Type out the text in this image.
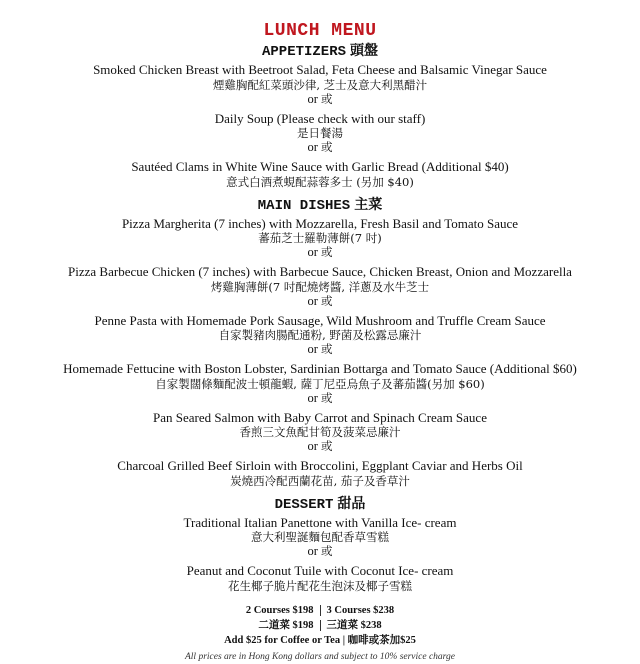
LUNCH MENU
APPETIZERS 頭盤
Smoked Chicken Breast with Beetroot Salad, Feta Cheese and Balsamic Vinegar Sauce
煙雞胸配紅菜頭沙律, 芝士及意大利黑醋汁
or 或
Daily Soup (Please check with our staff)
是日餐湯
or 或
Sautéed Clams in White Wine Sauce with Garlic Bread (Additional $40)
意式白酒煮蜆配蒜蓉多士 (另加 $40)
MAIN DISHES 主菜
Pizza Margherita (7 inches) with Mozzarella, Fresh Basil and Tomato Sauce
蕃茄芝士羅勒薄餅(7 吋)
or 或
Pizza Barbecue Chicken (7 inches) with Barbecue Sauce, Chicken Breast, Onion and Mozzarella
烤雞胸薄餅(7 吋配燒烤醬, 洋蔥及水牛芝士
or 或
Penne Pasta with Homemade Pork Sausage, Wild Mushroom and Truffle Cream Sauce
自家製豬肉腸配通粉, 野菌及松露忌廉汁
or 或
Homemade Fettucine with Boston Lobster, Sardinian Bottarga and Tomato Sauce (Additional $60)
自家製闊條麵配波士頓龍蝦, 薩丁尼亞烏魚子及蕃茄醬(另加 $60)
or 或
Pan Seared Salmon with Baby Carrot and Spinach Cream Sauce
香煎三文魚配甘筍及菠菜忌廉汁
or 或
Charcoal Grilled Beef Sirloin with Broccolini, Eggplant Caviar and Herbs Oil
炭燒西冷配西蘭花苗, 茄子及香草汁
DESSERT 甜品
Traditional Italian Panettone with Vanilla Ice- cream
意大利聖誕麵包配香草雪糕
or 或
Peanut and Coconut Tuile with Coconut Ice- cream
花生椰子脆片配花生泡沫及椰子雪糕
2 Courses $198 3 Courses $238
二道菜 $198 三道菜 $238
Add $25 for Coffee or Tea | 咖啡或茶加$25
All prices are in Hong Kong dollars and subject to 10% service charge
